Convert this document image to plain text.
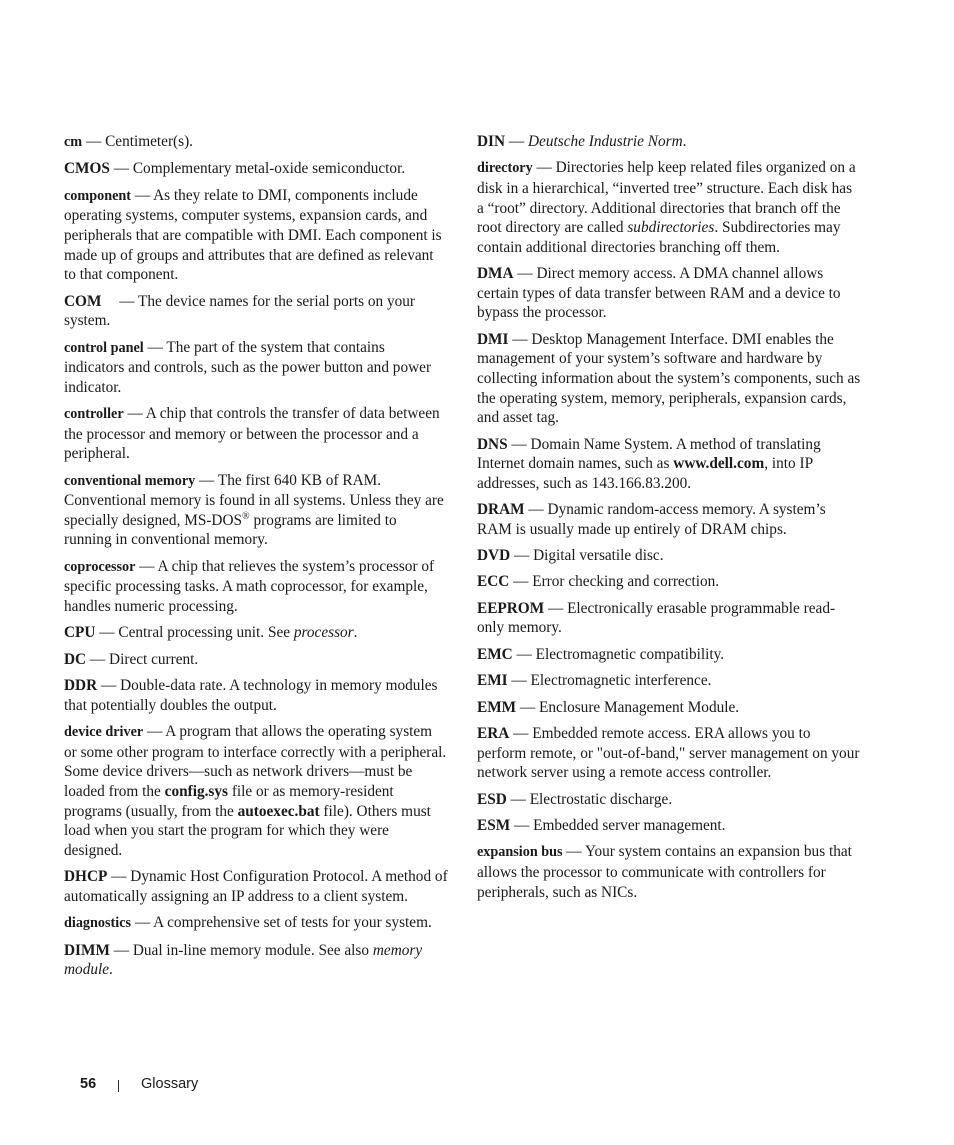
cm — Centimeter(s).

CMOS — Complementary metal-oxide semiconductor.

component — As they relate to DMI, components include operating systems, computer systems, expansion cards, and peripherals that are compatible with DMI. Each component is made up of groups and attributes that are defined as relevant to that component.

COM — The device names for the serial ports on your system.

control panel — The part of the system that contains indicators and controls, such as the power button and power indicator.

controller — A chip that controls the transfer of data between the processor and memory or between the processor and a peripheral.

conventional memory — The first 640 KB of RAM. Conventional memory is found in all systems. Unless they are specially designed, MS-DOS® programs are limited to running in conventional memory.

coprocessor — A chip that relieves the system’s processor of specific processing tasks. A math coprocessor, for example, handles numeric processing.

CPU — Central processing unit. See processor.

DC — Direct current.

DDR — Double-data rate. A technology in memory modules that potentially doubles the output.

device driver — A program that allows the operating system or some other program to interface correctly with a peripheral. Some device drivers—such as network drivers—must be loaded from the config.sys file or as memory-resident programs (usually, from the autoexec.bat file). Others must load when you start the program for which they were designed.

DHCP — Dynamic Host Configuration Protocol. A method of automatically assigning an IP address to a client system.

diagnostics — A comprehensive set of tests for your system.

DIMM — Dual in-line memory module. See also memory module.

DIN — Deutsche Industrie Norm.

directory — Directories help keep related files organized on a disk in a hierarchical, “inverted tree” structure. Each disk has a “root” directory. Additional directories that branch off the root directory are called subdirectories. Subdirectories may contain additional directories branching off them.

DMA — Direct memory access. A DMA channel allows certain types of data transfer between RAM and a device to bypass the processor.

DMI — Desktop Management Interface. DMI enables the management of your system’s software and hardware by collecting information about the system’s components, such as the operating system, memory, peripherals, expansion cards, and asset tag.

DNS — Domain Name System. A method of translating Internet domain names, such as www.dell.com, into IP addresses, such as 143.166.83.200.

DRAM — Dynamic random-access memory. A system’s RAM is usually made up entirely of DRAM chips.

DVD — Digital versatile disc.

ECC — Error checking and correction.

EEPROM — Electronically erasable programmable read-only memory.

EMC — Electromagnetic compatibility.

EMI — Electromagnetic interference.

EMM — Enclosure Management Module.

ERA — Embedded remote access. ERA allows you to perform remote, or "out-of-band," server management on your network server using a remote access controller.

ESD — Electrostatic discharge.

ESM — Embedded server management.

expansion bus — Your system contains an expansion bus that allows the processor to communicate with controllers for peripherals, such as NICs.

56	Glossary
